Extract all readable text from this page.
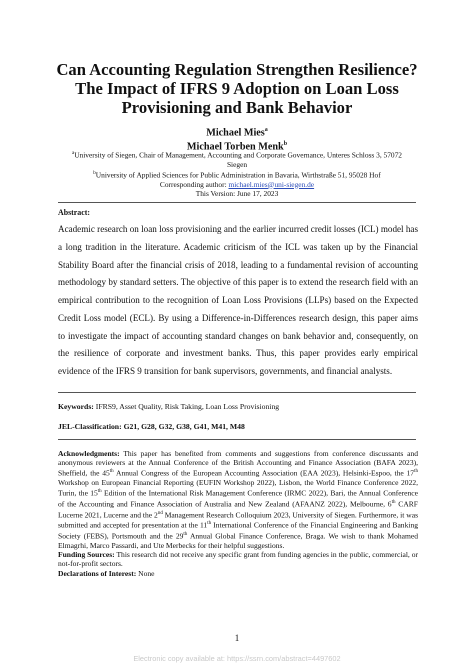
Can Accounting Regulation Strengthen Resilience?
The Impact of IFRS 9 Adoption on Loan Loss
Provisioning and Bank Behavior
Michael Mies$^a$
Michael Torben Menk$^b$
$^a$University of Siegen, Chair of Management, Accounting and Corporate Governance, Unteres Schloss 3, 57072
Siegen
$^b$University of Applied Sciences for Public Administration in Bavaria, Wirthstraße 51, 95028 Hof
Corresponding author: michael.mies@uni-siegen.de
This Version: June 17, 2023
Abstract:
Academic research on loan loss provisioning and the earlier incurred credit losses (ICL) model has a long tradition in the literature. Academic criticism of the ICL was taken up by the Financial Stability Board after the financial crisis of 2018, leading to a fundamental revision of accounting methodology by standard setters. The objective of this paper is to extend the research field with an empirical contribution to the recognition of Loan Loss Provisions (LLPs) based on the Expected Credit Loss model (ECL). By using a Difference-in-Differences research design, this paper aims to investigate the impact of accounting standard changes on bank behavior and, consequently, on the resilience of corporate and investment banks. Thus, this paper provides early empirical evidence of the IFRS 9 transition for bank supervisors, governments, and financial analysts.
Keywords: IFRS9, Asset Quality, Risk Taking, Loan Loss Provisioning
JEL-Classification: G21, G28, G32, G38, G41, M41, M48
Acknowledgments: This paper has benefited from comments and suggestions from conference discussants and anonymous reviewers at the Annual Conference of the British Accounting and Finance Association (BAFA 2023), Sheffield, the 45th Annual Congress of the European Accounting Association (EAA 2023), Helsinki-Espoo, the 17th Workshop on European Financial Reporting (EUFIN Workshop 2022), Lisbon, the World Finance Conference 2022, Turin, the 15th Edition of the International Risk Management Conference (IRMC 2022), Bari, the Annual Conference of the Accounting and Finance Association of Australia and New Zealand (AFAANZ 2022), Melbourne, 6th CARF Lucerne 2021, Lucerne and the 2nd Management Research Colloquium 2023, University of Siegen. Furthermore, it was submitted and accepted for presentation at the 11th International Conference of the Financial Engineering and Banking Society (FEBS), Portsmouth and the 29th Annual Global Finance Conference, Braga. We wish to thank Mohamed Elmagrhi, Marco Passardi, and Ute Merbecks for their helpful suggestions.
Funding Sources: This research did not receive any specific grant from funding agencies in the public, commercial, or not-for-profit sectors.
Declarations of Interest: None
1
Electronic copy available at: https://ssrn.com/abstract=4497602
